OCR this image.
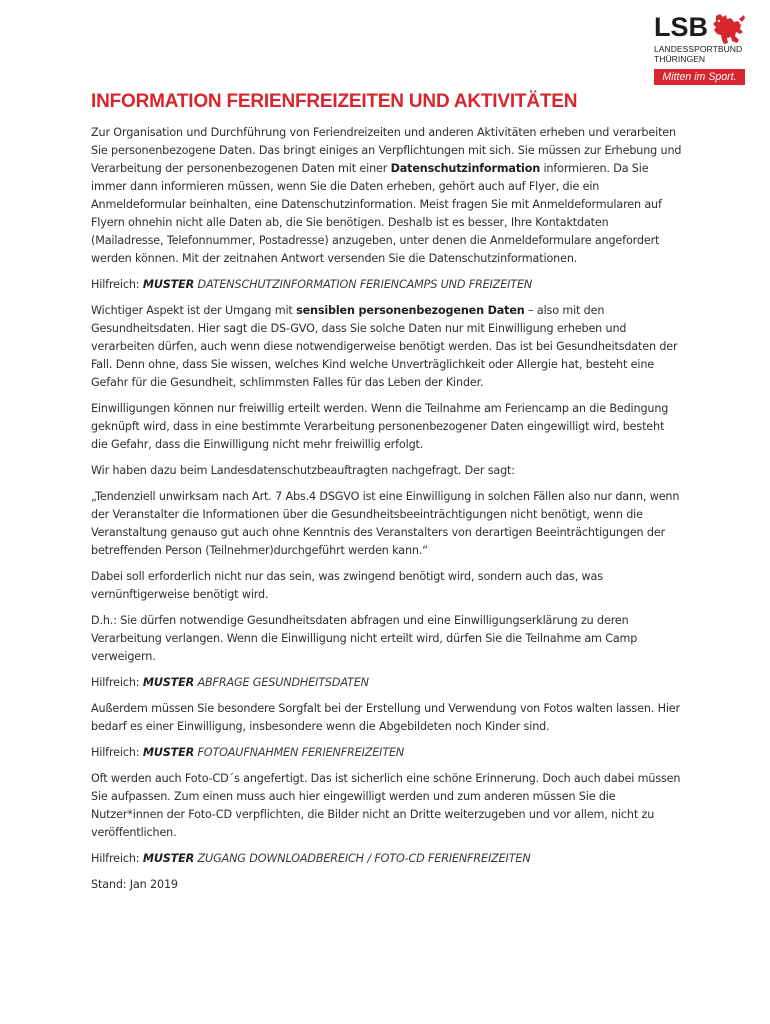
LSB
LANDESSPORTBUND
THÜRINGEN
Mitten im Sport.
INFORMATION FERIENFREIZEITEN UND AKTIVITÄTEN

Zur Organisation und Durchführung von Feriendreizeiten und anderen Aktivitäten erheben und verarbeiten Sie personenbezogene Daten. Das bringt einiges an Verpflichtungen mit sich. Sie müssen zur Erhebung und Verarbeitung der personenbezogenen Daten mit einer Datenschutzinformation informieren. Da Sie immer dann informieren müssen, wenn Sie die Daten erheben, gehört auch auf Flyer, die ein Anmeldeformular beinhalten, eine Datenschutzinformation. Meist fragen Sie mit Anmeldeformularen auf Flyern ohnehin nicht alle Daten ab, die Sie benötigen. Deshalb ist es besser, Ihre Kontaktdaten (Mailadresse, Telefonnummer, Postadresse) anzugeben, unter denen die Anmeldeformulare angefordert werden können. Mit der zeitnahen Antwort versenden Sie die Datenschutzinformationen.

Hilfreich: MUSTER DATENSCHUTZINFORMATION FERIENCAMPS UND FREIZEITEN

Wichtiger Aspekt ist der Umgang mit sensiblen personenbezogenen Daten – also mit den Gesundheitsdaten. Hier sagt die DS-GVO, dass Sie solche Daten nur mit Einwilligung erheben und verarbeiten dürfen, auch wenn diese notwendigerweise benötigt werden. Das ist bei Gesundheitsdaten der Fall. Denn ohne, dass Sie wissen, welches Kind welche Unverträglichkeit oder Allergie hat, besteht eine Gefahr für die Gesundheit, schlimmsten Falles für das Leben der Kinder.

Einwilligungen können nur freiwillig erteilt werden. Wenn die Teilnahme am Feriencamp an die Bedingung geknüpft wird, dass in eine bestimmte Verarbeitung personenbezogener Daten eingewilligt wird, besteht die Gefahr, dass die Einwilligung nicht mehr freiwillig erfolgt.

Wir haben dazu beim Landesdatenschutzbeauftragten nachgefragt. Der sagt:

„Tendenziell unwirksam nach Art. 7 Abs.4 DSGVO ist eine Einwilligung in solchen Fällen also nur dann, wenn der Veranstalter die Informationen über die Gesundheitsbeeinträchtigungen nicht benötigt, wenn die Veranstaltung genauso gut auch ohne Kenntnis des Veranstalters von derartigen Beeinträchtigungen der betreffenden Person (Teilnehmer)durchgeführt werden kann.“

Dabei soll erforderlich nicht nur das sein, was zwingend benötigt wird, sondern auch das, was vernünftigerweise benötigt wird.

D.h.: Sie dürfen notwendige Gesundheitsdaten abfragen und eine Einwilligungserklärung zu deren Verarbeitung verlangen. Wenn die Einwilligung nicht erteilt wird, dürfen Sie die Teilnahme am Camp verweigern.

Hilfreich: MUSTER ABFRAGE GESUNDHEITSDATEN

Außerdem müssen Sie besondere Sorgfalt bei der Erstellung und Verwendung von Fotos walten lassen. Hier bedarf es einer Einwilligung, insbesondere wenn die Abgebildeten noch Kinder sind.

Hilfreich: MUSTER FOTOAUFNAHMEN FERIENFREIZEITEN

Oft werden auch Foto-CD´s angefertigt. Das ist sicherlich eine schöne Erinnerung. Doch auch dabei müssen Sie aufpassen. Zum einen muss auch hier eingewilligt werden und zum anderen müssen Sie die Nutzer*innen der Foto-CD verpflichten, die Bilder nicht an Dritte weiterzugeben und vor allem, nicht zu veröffentlichen.

Hilfreich: MUSTER ZUGANG DOWNLOADBEREICH / FOTO-CD FERIENFREIZEITEN

Stand: Jan 2019
